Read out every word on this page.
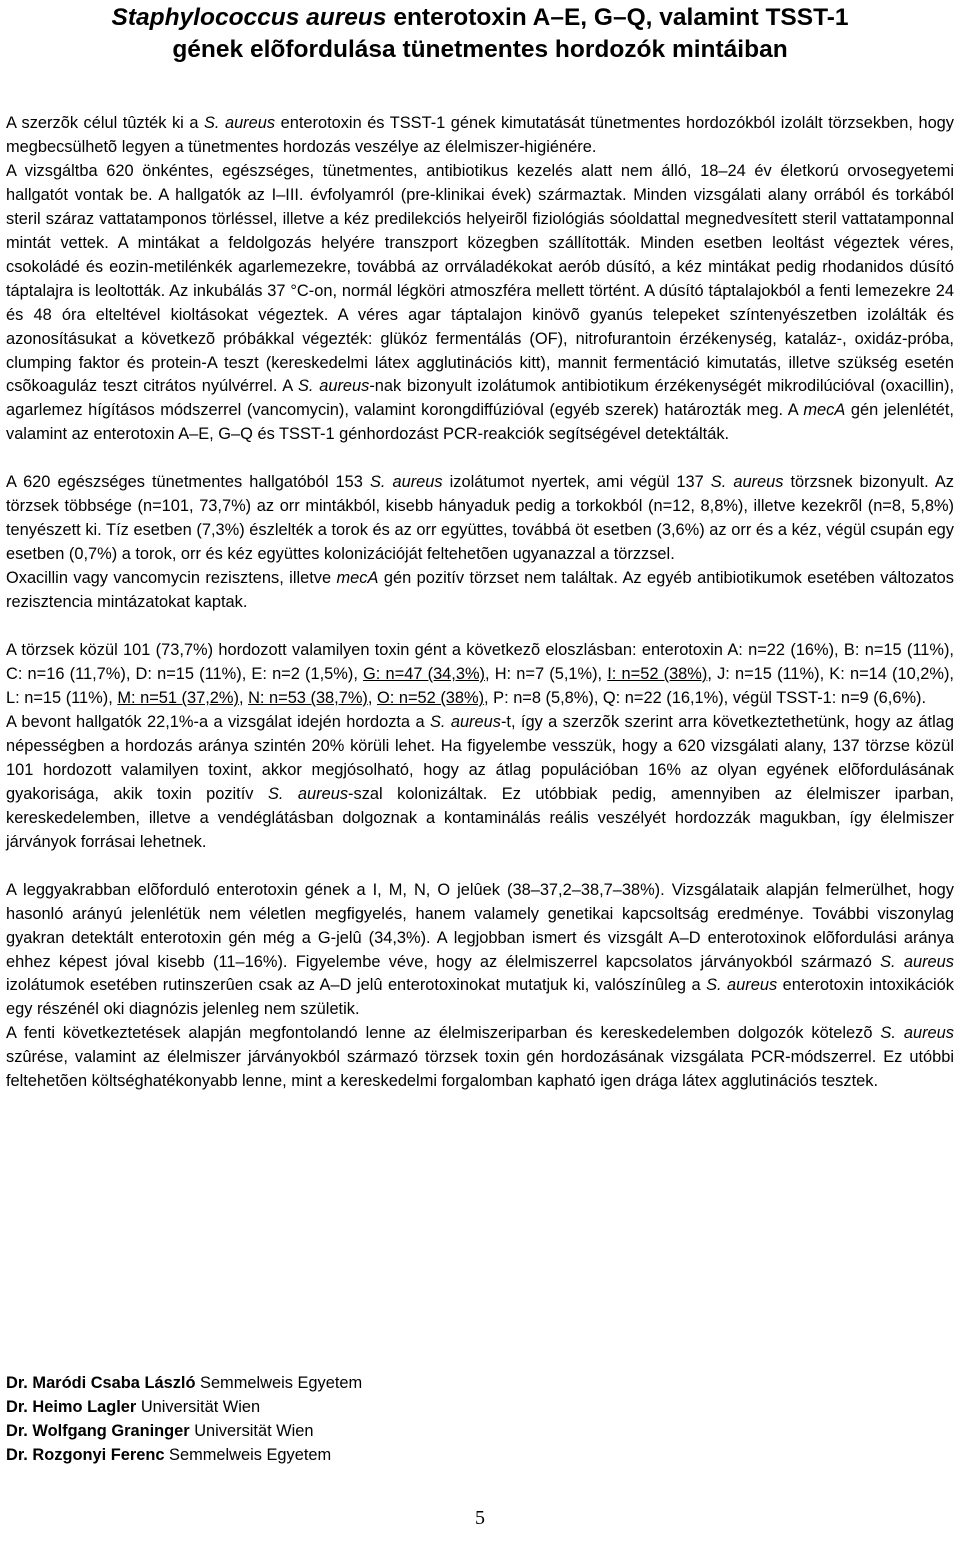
Staphylococcus aureus enterotoxin A–E, G–Q, valamint TSST-1
gének elõfordulása tünetmentes hordozók mintáiban

A szerzõk célul tûzték ki a S. aureus enterotoxin és TSST-1 gének kimutatását tünetmentes hordozókból izolált törzsekben, hogy megbecsülhetõ legyen a tünetmentes hordozás veszélye az élelmiszer-higiénére.

A vizsgáltba 620 önkéntes, egészséges, tünetmentes, antibiotikus kezelés alatt nem álló, 18–24 év életkorú orvosegyetemi hallgatót vontak be. A hallgatók az I–III. évfolyamról (pre-klinikai évek) származtak. Minden vizsgálati alany orrából és torkából steril száraz vattatamponos törléssel, illetve a kéz predilekciós helyeirõl fiziológiás sóoldattal megnedvesített steril vattatamponnal mintát vettek. A mintákat a feldolgozás helyére transzport közegben szállították. Minden esetben leoltást végeztek véres, csokoládé és eozin-metilénkék agarlemezekre, továbbá az orrváladékokat aerób dúsító, a kéz mintákat pedig rhodanidos dúsító táptalajra is leoltották. Az inkubálás 37 °C-on, normál légköri atmoszféra mellett történt. A dúsító táptalajokból a fenti lemezekre 24 és 48 óra elteltével kioltásokat végeztek. A véres agar táptalajon kinövõ gyanús telepeket színtenyészetben izolálták és azonosításukat a következõ próbákkal végezték: glükóz fermentálás (OF), nitrofurantoin érzékenység, kataláz-, oxidáz-próba, clumping faktor és protein-A teszt (kereskedelmi látex agglutinációs kitt), mannit fermentáció kimutatás, illetve szükség esetén csõkoaguláz teszt citrátos nyúlvérrel. A S. aureus-nak bizonyult izolátumok antibiotikum érzékenységét mikrodilúcióval (oxacillin), agarlemez hígításos módszerrel (vancomycin), valamint korongdiffúzióval (egyéb szerek) határozták meg. A mecA gén jelenlétét, valamint az enterotoxin A–E, G–Q és TSST-1 génhordozást PCR-reakciók segítségével detektálták.

A 620 egészséges tünetmentes hallgatóból 153 S. aureus izolátumot nyertek, ami végül 137 S. aureus törzsnek bizonyult. Az törzsek többsége (n=101, 73,7%) az orr mintákból, kisebb hányaduk pedig a torkokból (n=12, 8,8%), illetve kezekrõl (n=8, 5,8%) tenyészett ki. Tíz esetben (7,3%) észlelték a torok és az orr együttes, továbbá öt esetben (3,6%) az orr és a kéz, végül csupán egy esetben (0,7%) a torok, orr és kéz együttes kolonizációját feltehetõen ugyanazzal a törzzsel.

Oxacillin vagy vancomycin rezisztens, illetve mecA gén pozitív törzset nem találtak. Az egyéb antibiotikumok esetében változatos rezisztencia mintázatokat kaptak.

A törzsek közül 101 (73,7%) hordozott valamilyen toxin gént a következõ eloszlásban: enterotoxin A: n=22 (16%), B: n=15 (11%), C: n=16 (11,7%), D: n=15 (11%), E: n=2 (1,5%), G: n=47 (34,3%), H: n=7 (5,1%), I: n=52 (38%), J: n=15 (11%), K: n=14 (10,2%), L: n=15 (11%), M: n=51 (37,2%), N: n=53 (38,7%), O: n=52 (38%), P: n=8 (5,8%), Q: n=22 (16,1%), végül TSST-1: n=9 (6,6%).

A bevont hallgatók 22,1%-a a vizsgálat idején hordozta a S. aureus-t, így a szerzõk szerint arra következtethetünk, hogy az átlag népességben a hordozás aránya szintén 20% körüli lehet. Ha figyelembe vesszük, hogy a 620 vizsgálati alany, 137 törzse közül 101 hordozott valamilyen toxint, akkor megjósolható, hogy az átlag populációban 16% az olyan egyének elõfordulásának gyakorisága, akik toxin pozitív S. aureus-szal kolonizáltak. Ez utóbbiak pedig, amennyiben az élelmiszer iparban, kereskedelemben, illetve a vendéglátásban dolgoznak a kontaminálás reális veszélyét hordozzák magukban, így élelmiszer járványok forrásai lehetnek.

A leggyakrabban elõforduló enterotoxin gének a I, M, N, O jelûek (38–37,2–38,7–38%). Vizsgálataik alapján felmerülhet, hogy hasonló arányú jelenlétük nem véletlen megfigyelés, hanem valamely genetikai kapcsoltság eredménye. További viszonylag gyakran detektált enterotoxin gén még a G-jelû (34,3%). A legjobban ismert és vizsgált A–D enterotoxinok elõfordulási aránya ehhez képest jóval kisebb (11–16%). Figyelembe véve, hogy az élelmiszerrel kapcsolatos járványokból származó S. aureus izolátumok esetében rutinszerûen csak az A–D jelû enterotoxinokat mutatjuk ki, valószínûleg a S. aureus enterotoxin intoxikációk egy részénél oki diagnózis jelenleg nem születik.

A fenti következtetések alapján megfontolandó lenne az élelmiszeriparban és kereskedelemben dolgozók kötelezõ S. aureus szûrése, valamint az élelmiszer járványokból származó törzsek toxin gén hordozásának vizsgálata PCR-módszerrel. Ez utóbbi feltehetõen költséghatékonyabb lenne, mint a kereskedelmi forgalomban kapható igen drága látex agglutinációs tesztek.

Dr. Maródi Csaba László Semmelweis Egyetem
Dr. Heimo Lagler Universität Wien
Dr. Wolfgang Graninger Universität Wien
Dr. Rozgonyi Ferenc Semmelweis Egyetem
5
